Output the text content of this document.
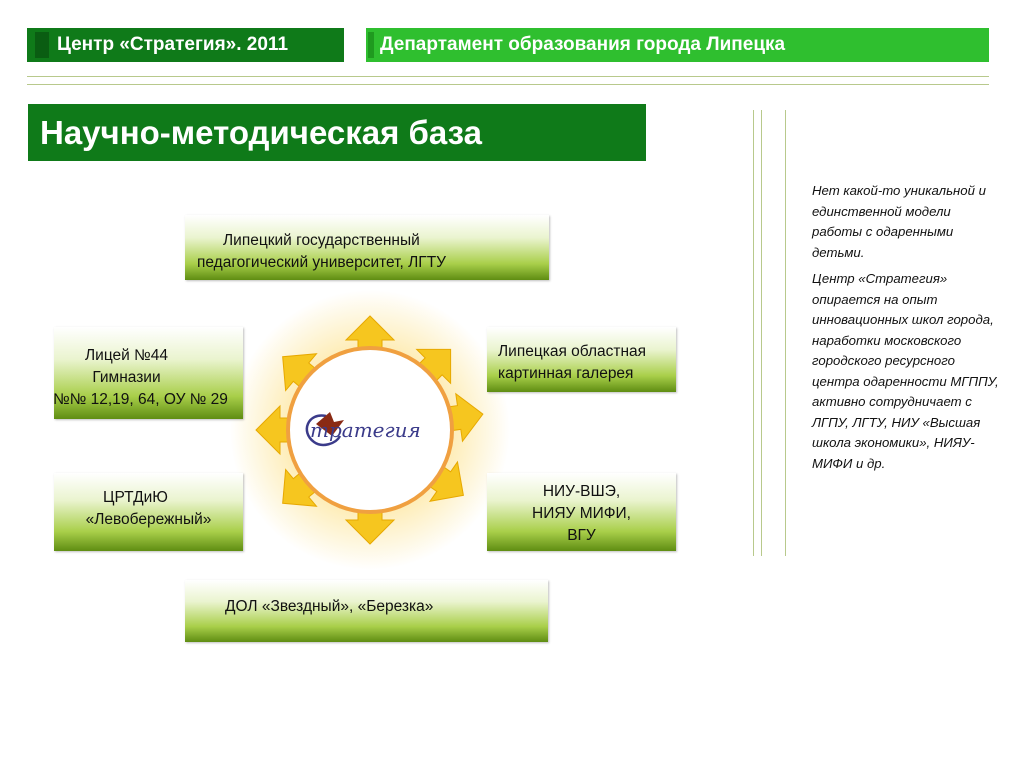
Центр «Стратегия». 2011	Департамент образования города Липецка
Научно-методическая база

Нет какой-то уникальной и единственной модели работы с одаренными детьми.

Центр «Стратегия» опирается на опыт инновационных школ города, наработки московского городского ресурсного центра одаренности МГППУ, активно сотрудничает с ЛГПУ, ЛГТУ, НИУ «Высшая школа экономики», НИЯУ-МИФИ и др.

тратегия
Липецкий государственный
педагогический университет, ЛГТУ
Лицей №44
Гимназии
№№ 12,19, 64, ОУ № 29
Липецкая областная
картинная галерея
ЦРТДиЮ
«Левобережный»
НИУ-ВШЭ,
НИЯУ МИФИ,
ВГУ
ДОЛ «Звездный», «Березка»
